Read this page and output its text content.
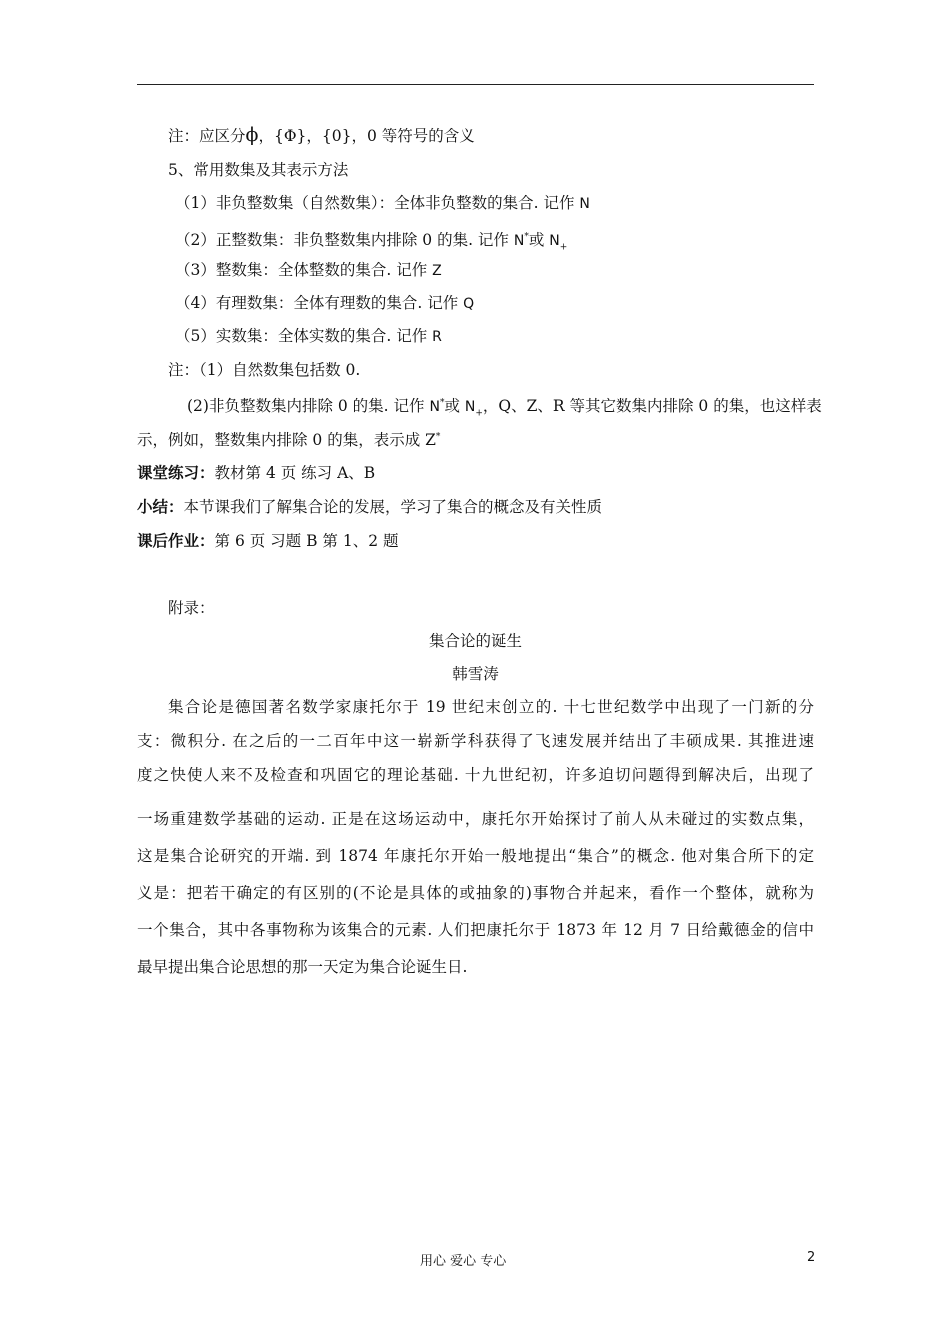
注：应区分ϕ，{Φ}，{0}，0 等符号的含义
5、常用数集及其表示方法
（1）非负整数集（自然数集）：全体非负整数的集合. 记作 N
（2）正整数集：非负整数集内排除 0 的集. 记作 N*或 $N_+$
（3）整数集：全体整数的集合. 记作 Z
（4）有理数集：全体有理数的集合. 记作 Q
（5）实数集：全体实数的集合. 记作 R
注：（1）自然数集包括数 0.
(2)非负整数集内排除 0 的集. 记作 N*或 $N_+$，Q、Z、R 等其它数集内排除 0 的集，也这样表
示，例如，整数集内排除 0 的集，表示成 Z*
课堂练习：教材第 4 页 练习 A、B
小结：本节课我们了解集合论的发展，学习了集合的概念及有关性质
课后作业：第 6 页 习题 B 第 1、2 题
附录：
集合论的诞生
韩雪涛
集合论是德国著名数学家康托尔于 19 世纪末创立的. 十七世纪数学中出现了一门新的分
支：微积分. 在之后的一二百年中这一崭新学科获得了飞速发展并结出了丰硕成果. 其推进速
度之快使人来不及检查和巩固它的理论基础. 十九世纪初，许多迫切问题得到解决后，出现了
一场重建数学基础的运动. 正是在这场运动中，康托尔开始探讨了前人从未碰过的实数点集，
这是集合论研究的开端. 到 1874 年康托尔开始一般地提出“集合”的概念. 他对集合所下的定
义是：把若干确定的有区别的(不论是具体的或抽象的)事物合并起来，看作一个整体，就称为
一个集合，其中各事物称为该集合的元素. 人们把康托尔于 1873 年 12 月 7 日给戴德金的信中
最早提出集合论思想的那一天定为集合论诞生日.
用心 爱心 专心	2
